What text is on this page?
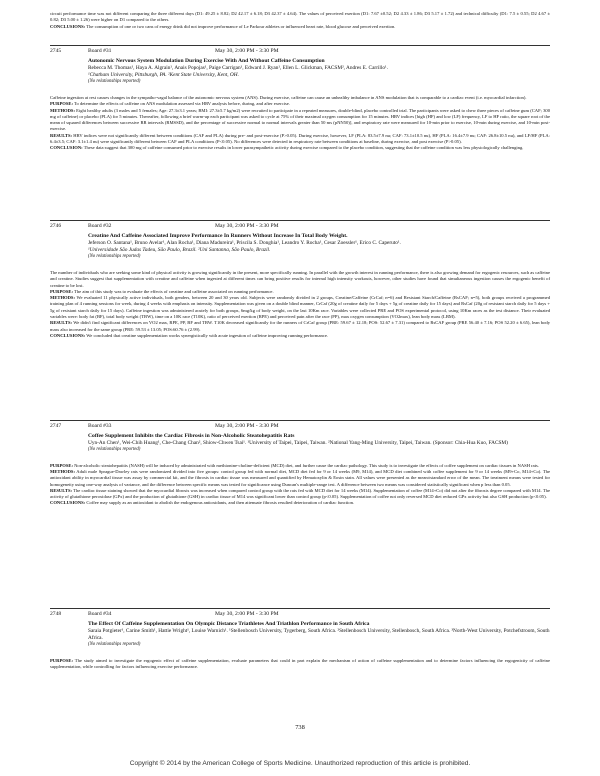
circuit performance time was not different comparing the three different days (D1: 49.25 ± 8.82; D2 42.17 ± 6.18; D3 42.37 ± 4.64). The values of perceived exertion (D1: 7.67 ±0.52; D2 4.33 ± 1.86; D3 5.17 ± 1.72) and technical difficulty (D1: 7.5 ± 0.55; D2 4.67 ± 0.82; D3 5.00 ± 1.26) were higher on D1 compared to the others.
CONCLUSIONS: The consumption of one or two cans of energy drink did not improve performance of Le Parkour athletes or influenced heart rate, blood glucose and perceived exertion.

2745	Board #31	May 30, 2:00 PM - 3:30 PM

Autonomic Nervous System Modulation During Exercise With And Without Caffeine Consumption

Rebecca M. Thomas¹, Haya A. Algrain¹, Anais Popojas¹, Paige Carrigan¹, Edward J. Ryan¹, Ellen L. Glickman, FACSM², Andres E. Carrillo¹.

¹Chatham University, Pittsburgh, PA. ²Kent State University, Kent, OH.

(No relationships reported)

Caffeine ingestion at rest causes changes in the sympatho-vagal balance of the autonomic nervous system (ANS). During exercise, caffeine can cause an unhealthy imbalance in ANS modulation that is comparable to a cardiac event (i.e. myocardial infarction).

PURPOSE: To determine the effects of caffeine on ANS modulation assessed via HRV analysis before, during, and after exercise.

METHODS: Eight healthy adults (3 males and 5 females; Age: 27.3±3.1 years; BMI: 27.3±5.7 kg/m2) were recruited to participate in a repeated measures, double-blind, placebo controlled trial. The participants were asked to chew three pieces of caffeine gum (CAF; 300 mg of caffeine) or placebo (PLA) for 5 minutes. Thereafter, following a brief warm-up each participant was asked to cycle at 75% of their maximal oxygen consumption for 15 minutes. HRV indices [high (HF) and low (LF) frequency, LF to HF ratio, the square root of the mean of squared differences between successive RR intervals (RMSSD), and the percentage of successive normal to normal intervals greater than 50 ms (pNN50)], and respiratory rate were measured for 10-min prior to exercise, 10-min during exercise, and 10-min post-exercise.

RESULTS: HRV indices were not significantly different between conditions (CAF and PLA) during pre- and post-exercise (P>0.05). During exercise, however, LF (PLA: 83.5±7.9 nu; CAF: 73.1±10.5 nu), HF (PLA: 16.4±7.9 nu; CAF: 26.8±10.5 nu), and LF/HF (PLA: 6.4±3.5; CAF: 3.1±1.4 nu) were significantly different between CAF and PLA conditions (P<0.05). No differences were detected in respiratory rate between conditions at baseline, during exercise, and post exercise (P>0.05).

CONCLUSION: These data suggest that 300 mg of caffeine consumed prior to exercise results in lower parasympathetic activity during exercise compared to the placebo condition, suggesting that the caffeine condition was less physiologically challenging.

2746	Board #32	May 30, 2:00 PM - 3:30 PM

Creatine And Caffeine Associated Improve Performance In Runners Without Increase In Total Body Weight.

Jeferson O. Santana¹, Bruno Avelar¹, Alan Rocha¹, Diana Madureira¹, Priscila S. Donghia¹, Leandro Y. Rocha¹, Cesar Zoessler¹, Erico C. Caperuto¹.

¹Universidade São Judas Tadeu, São Paulo, Brazil. ²Uni Santanna, São Paulo, Brazil.

(No relationships reported)

The number of individuals who are seeking some kind of physical activity is growing significantly in the present, more specifically running. In parallel with the growth interest in running performance, there is also growing demand for ergogenic resources, such as caffeine and creatine. Studies suggest that supplementation with creatine and caffeine when ingested at different times can bring positive results for internal high intensity workouts, however, other studies have found that simultaneous ingestion causes the ergogenic benefit of creatine to be lost.

PURPOSE: The aim of this study was to evaluate the effects of creatine and caffeine associated on running performance.

METHODS: We evaluated 11 physically active individuals, both genders, between 20 and 30 years old. Subjects were randomly divided in 2 groups, Creatine/Caffeine (CrCaf; n=6) and Resistant Starch/Caffeine (RsCAF; n=5), both groups received a programmed training plan of 4 running sessions for week, during 4 weeks with emphasis on intensity. Supplementation was given on a double blind manner, CrCaf (20g of creatine daily for 5 days + 5g of creatine daily for 15 days) and RsCaf (20g of resistant starch daily for 5 days + 5g of resistant starch daily for 15 days). Caffeine ingestion was administered acutely for both groups, 6mg/kg of body weight, on the last 10Km race. Variables were collected PRE and POS experimental protocol, using 10Km races as the test distance. Their evaluated variables were: body fat (BF), total body weight (TBW), time on a 10K race (T10K), ratio of perceived exertion (RPE) and perceived pain after the race (PP), max oxygen consumption (VO2max), lean body mass (LBM).

RESULTS: We didn't find significant differences on VO2 max, RPE, PP, BF and TBW. T10K decreased significantly for the runners of CrCaf group (PRE: 59.67 ± 12.18; POS: 52.67 ± 7.31) compared to RsCAF group (PRE 56.40 ± 7.16; POS 52.20 ± 6.65), lean body mass also increased for the same group (PRE: 59.53 ± 13.05; POS:60.76 ± (2.99).

CONCLUSIONS: We concluded that creatine supplementation works synergistically with acute ingestion of caffeine improving running performance.

2747	Board #33	May 30, 2:00 PM - 3:30 PM

Coffee Supplement Inhibits the Cardiac Fibrosis in Non-Alcoholic Steatohepatitis Rats

Uyn-An Chen¹, Wei-Chih Huang¹, Che-Chang Chan², Shiow-Chwen Tsai¹. ¹University of Taipei, Taipei, Taiwan. ²National Yang-Ming University, Taipei, Taiwan. (Sponsor: Chia-Hua Kuo, FACSM)

(No relationships reported)

PURPOSE: Non-alcoholic steatohepatitis (NASH) will be induced by administrated with methionine-choline-deficient (MCD) diet, and further cause the cardiac pathology. This study is to investigate the effects of coffee supplement on cardiac tissues in NASH rats.

METHODS: Adult male Sprague-Dawley rats were randomized divided into five groups: control group fed with normal diet, MCD diet fed for 9 or 14 weeks (M9, M14), and MCD diet combined with coffee supplement for 9 or 14 weeks (M9+Co, M14+Co). The antioxidant ability in myocardial tissue was assay by commercial kit, and the fibrosis in cardiac tissue was measured and quantified by Hematoxylin & Eosin stain. All values were presented as the mean±standard error of the mean. The treatment means were tested for homogeneity using one-way analysis of variance, and the difference between specific means was tested for significance using Duncan's multiple-range test. A difference between two means was considered statistically significant when p less than 0.05.

RESULTS: The cardiac tissue staining showed that the myocardial fibrosis was increased when compared control group with the rats fed with MCD diet for 14 weeks (M14). Supplementation of coffee (M14+Co) did not alter the fibrosis degree compared with M14. The activity of glutathione peroxidase (GPx) and the production of glutathione (GSH) in cardiac tissue of M14 was significant lower than control group (p<0.05). Supplementation of coffee not only reversed MCD diet reduced GPx activity but also GSH production (p<0.05).

CONCLUSIONS: Coffee may supply as an antioxidant to abolish the endogenous antioxidants, and then attenuate fibrosis resulted deterioration of cardiac function.

2748	Board #34	May 30, 2:00 PM - 3:30 PM

The Effect Of Caffeine Supplementation On Olympic Distance Triathletes And Triathlon Performance in South Africa

Saraia Potgieter¹, Carine Smith¹, Hattie Wright¹, Louise Warnich¹. ¹Stellenbosch University, Tygerberg, South Africa. ²Stellenbosch University, Stellenbosch, South Africa. ³North-West University, Potchefstroom, South Africa.

(No relationships reported)

PURPOSE: The study aimed to investigate the ergogenic effect of caffeine supplementation, evaluate parameters that could in part explain the mechanism of action of caffeine supplementation and to determine factors influencing the ergogenicity of caffeine supplementation, while controlling for factors influencing exercise performance.

738
Copyright © 2014 by the American College of Sports Medicine. Unauthorized reproduction of this article is prohibited.
